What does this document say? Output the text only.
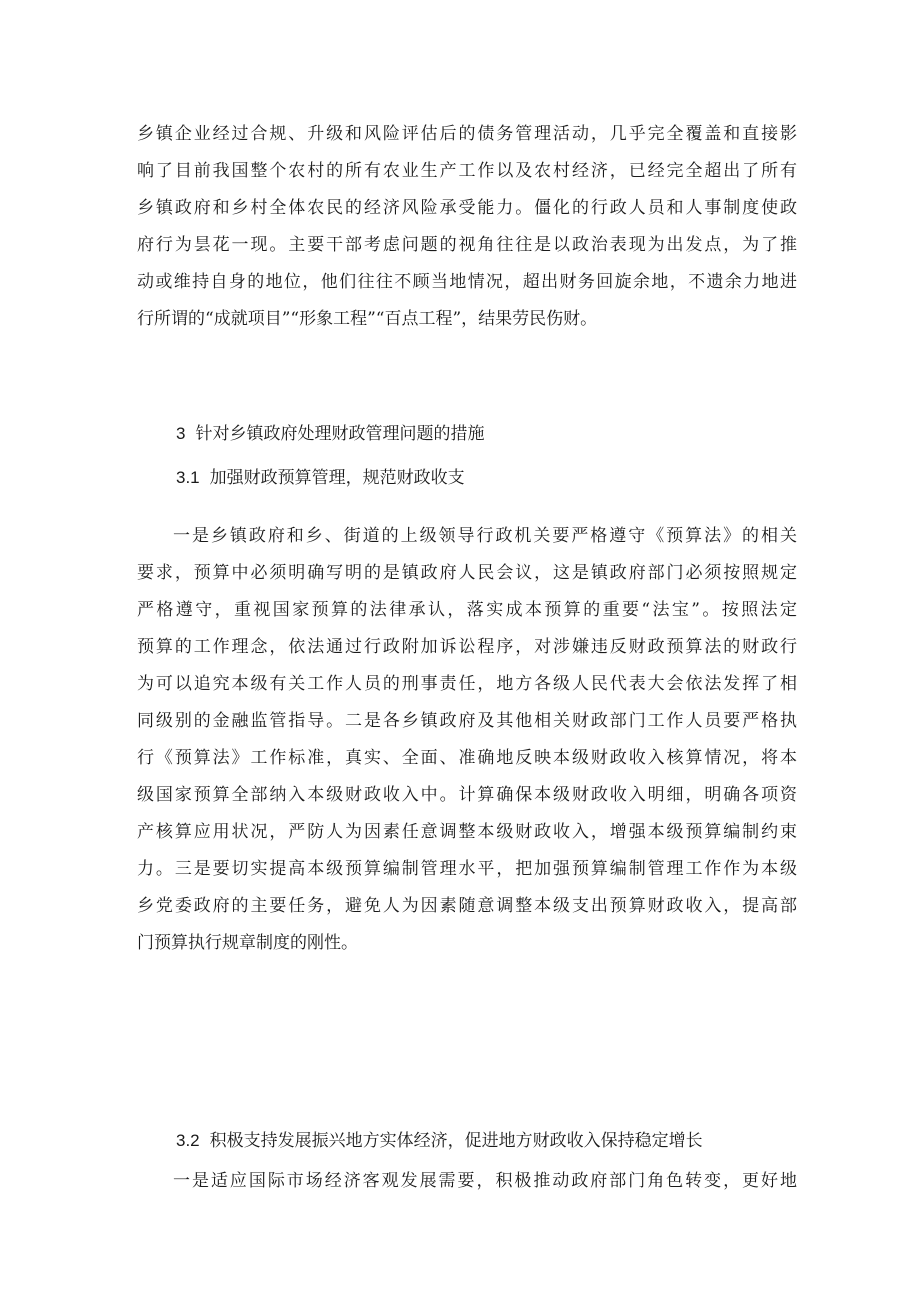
乡镇企业经过合规、升级和风险评估后的债务管理活动，几乎完全覆盖和直接影
响了目前我国整个农村的所有农业生产工作以及农村经济，已经完全超出了所有
乡镇政府和乡村全体农民的经济风险承受能力。僵化的行政人员和人事制度使政
府行为昙花一现。主要干部考虑问题的视角往往是以政治表现为出发点，为了推
动或维持自身的地位，他们往往不顾当地情况，超出财务回旋余地，不遗余力地进
行所谓的“成就项目”“形象工程”“百点工程”，结果劳民伤财。
3 针对乡镇政府处理财政管理问题的措施
3.1 加强财政预算管理，规范财政收支
一是乡镇政府和乡、街道的上级领导行政机关要严格遵守《预算法》的相关
要求，预算中必须明确写明的是镇政府人民会议，这是镇政府部门必须按照规定
严格遵守，重视国家预算的法律承认，落实成本预算的重要“法宝”。按照法定
预算的工作理念，依法通过行政附加诉讼程序，对涉嫌违反财政预算法的财政行
为可以追究本级有关工作人员的刑事责任，地方各级人民代表大会依法发挥了相
同级别的金融监管指导。二是各乡镇政府及其他相关财政部门工作人员要严格执
行《预算法》工作标准，真实、全面、准确地反映本级财政收入核算情况，将本
级国家预算全部纳入本级财政收入中。计算确保本级财政收入明细，明确各项资
产核算应用状况，严防人为因素任意调整本级财政收入，增强本级预算编制约束
力。三是要切实提高本级预算编制管理水平，把加强预算编制管理工作作为本级
乡党委政府的主要任务，避免人为因素随意调整本级支出预算财政收入，提高部
门预算执行规章制度的刚性。
3.2 积极支持发展振兴地方实体经济，促进地方财政收入保持稳定增长
一是适应国际市场经济客观发展需要，积极推动政府部门角色转变，更好地
